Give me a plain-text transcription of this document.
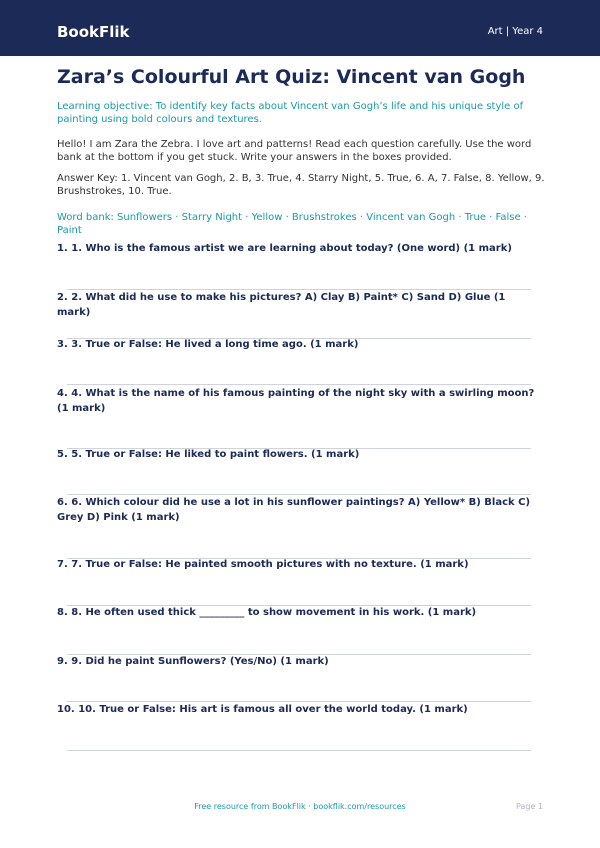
BookFlik	Art | Year 4
Zara’s Colourful Art Quiz: Vincent van Gogh
Learning objective: To identify key facts about Vincent van Gogh’s life and his unique style of painting using bold colours and textures.
Hello! I am Zara the Zebra. I love art and patterns! Read each question carefully. Use the word bank at the bottom if you get stuck. Write your answers in the boxes provided.
Answer Key: 1. Vincent van Gogh, 2. B, 3. True, 4. Starry Night, 5. True, 6. A, 7. False, 8. Yellow, 9. Brushstrokes, 10. True.
Word bank: Sunflowers · Starry Night · Yellow · Brushstrokes · Vincent van Gogh · True · False · Paint
1. 1. Who is the famous artist we are learning about today? (One word) (1 mark)
2. 2. What did he use to make his pictures? A) Clay B) Paint* C) Sand D) Glue (1 mark)
3. 3. True or False: He lived a long time ago. (1 mark)
4. 4. What is the name of his famous painting of the night sky with a swirling moon? (1 mark)
5. 5. True or False: He liked to paint flowers. (1 mark)
6. 6. Which colour did he use a lot in his sunflower paintings? A) Yellow* B) Black C) Grey D) Pink (1 mark)
7. 7. True or False: He painted smooth pictures with no texture. (1 mark)
8. 8. He often used thick _________ to show movement in his work. (1 mark)
9. 9. Did he paint Sunflowers? (Yes/No) (1 mark)
10. 10. True or False: His art is famous all over the world today. (1 mark)
Free resource from BookFlik · bookflik.com/resources	Page 1
